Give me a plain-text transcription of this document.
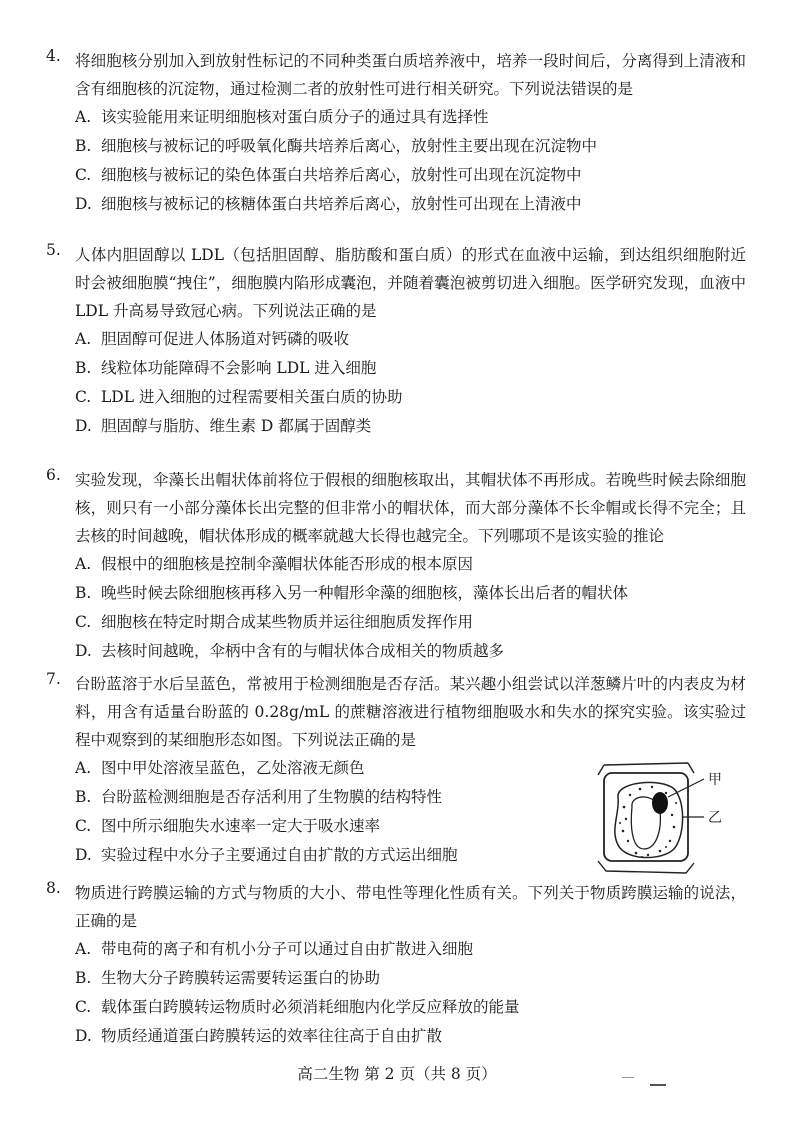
4. 将细胞核分别加入到放射性标记的不同种类蛋白质培养液中，培养一段时间后，分离得到上清液和含有细胞核的沉淀物，通过检测二者的放射性可进行相关研究。下列说法错误的是
A. 该实验能用来证明细胞核对蛋白质分子的通过具有选择性
B. 细胞核与被标记的呼吸氧化酶共培养后离心，放射性主要出现在沉淀物中
C. 细胞核与被标记的染色体蛋白共培养后离心，放射性可出现在沉淀物中
D. 细胞核与被标记的核糖体蛋白共培养后离心，放射性可出现在上清液中
5. 人体内胆固醇以 LDL（包括胆固醇、脂肪酸和蛋白质）的形式在血液中运输，到达组织细胞附近时会被细胞膜“拽住”，细胞膜内陷形成囊泡，并随着囊泡被剪切进入细胞。医学研究发现，血液中 LDL 升高易导致冠心病。下列说法正确的是
A. 胆固醇可促进人体肠道对钙磷的吸收
B. 线粒体功能障碍不会影响 LDL 进入细胞
C. LDL 进入细胞的过程需要相关蛋白质的协助
D. 胆固醇与脂肪、维生素 D 都属于固醇类
6. 实验发现，伞藻长出帽状体前将位于假根的细胞核取出，其帽状体不再形成。若晚些时候去除细胞核，则只有一小部分藻体长出完整的但非常小的帽状体，而大部分藻体不长伞帽或长得不完全；且去核的时间越晚，帽状体形成的概率就越大长得也越完全。下列哪项不是该实验的推论
A. 假根中的细胞核是控制伞藻帽状体能否形成的根本原因
B. 晚些时候去除细胞核再移入另一种帽形伞藻的细胞核，藻体长出后者的帽状体
C. 细胞核在特定时期合成某些物质并运往细胞质发挥作用
D. 去核时间越晚，伞柄中含有的与帽状体合成相关的物质越多
7. 台盼蓝溶于水后呈蓝色，常被用于检测细胞是否存活。某兴趣小组尝试以洋葱鳞片叶的内表皮为材料，用含有适量台盼蓝的 0.28g/mL 的蔗糖溶液进行植物细胞吸水和失水的探究实验。该实验过程中观察到的某细胞形态如图。下列说法正确的是
A. 图中甲处溶液呈蓝色，乙处溶液无颜色
B. 台盼蓝检测细胞是否存活利用了生物膜的结构特性
C. 图中所示细胞失水速率一定大于吸水速率
D. 实验过程中水分子主要通过自由扩散的方式运出细胞
甲
乙
8. 物质进行跨膜运输的方式与物质的大小、带电性等理化性质有关。下列关于物质跨膜运输的说法，正确的是
A. 带电荷的离子和有机小分子可以通过自由扩散进入细胞
B. 生物大分子跨膜转运需要转运蛋白的协助
C. 载体蛋白跨膜转运物质时必须消耗细胞内化学反应释放的能量
D. 物质经通道蛋白跨膜转运的效率往往高于自由扩散
高二生物 第 2 页（共 8 页）
